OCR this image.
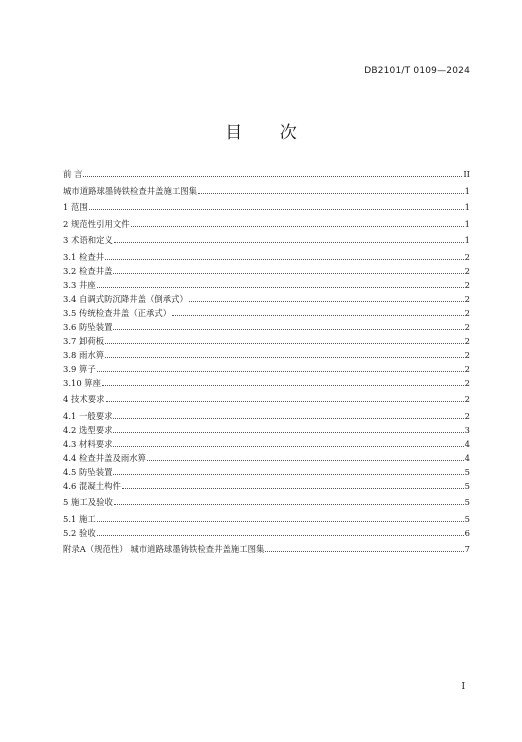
DB2101/T 0109—2024
目 次
前 言	II
城市道路球墨铸铁检查井盖施工图集	1
1 范围	1
2 规范性引用文件	1
3 术语和定义	1
3.1 检查井	2
3.2 检查井盖	2
3.3 井座	2
3.4 自调式防沉降井盖（倒承式）	2
3.5 传统检查井盖（正承式）	2
3.6 防坠装置	2
3.7 卸荷板	2
3.8 雨水箅	2
3.9 箅子	2
3.10 箅座	2
4 技术要求	2
4.1 一般要求	2
4.2 选型要求	3
4.3 材料要求	4
4.4 检查井盖及雨水箅	4
4.5 防坠装置	5
4.6 混凝土构件	5
5 施工及验收	5
5.1 施工	5
5.2 验收	6
附录A（规范性） 城市道路球墨铸铁检查井盖施工图集	7
I
